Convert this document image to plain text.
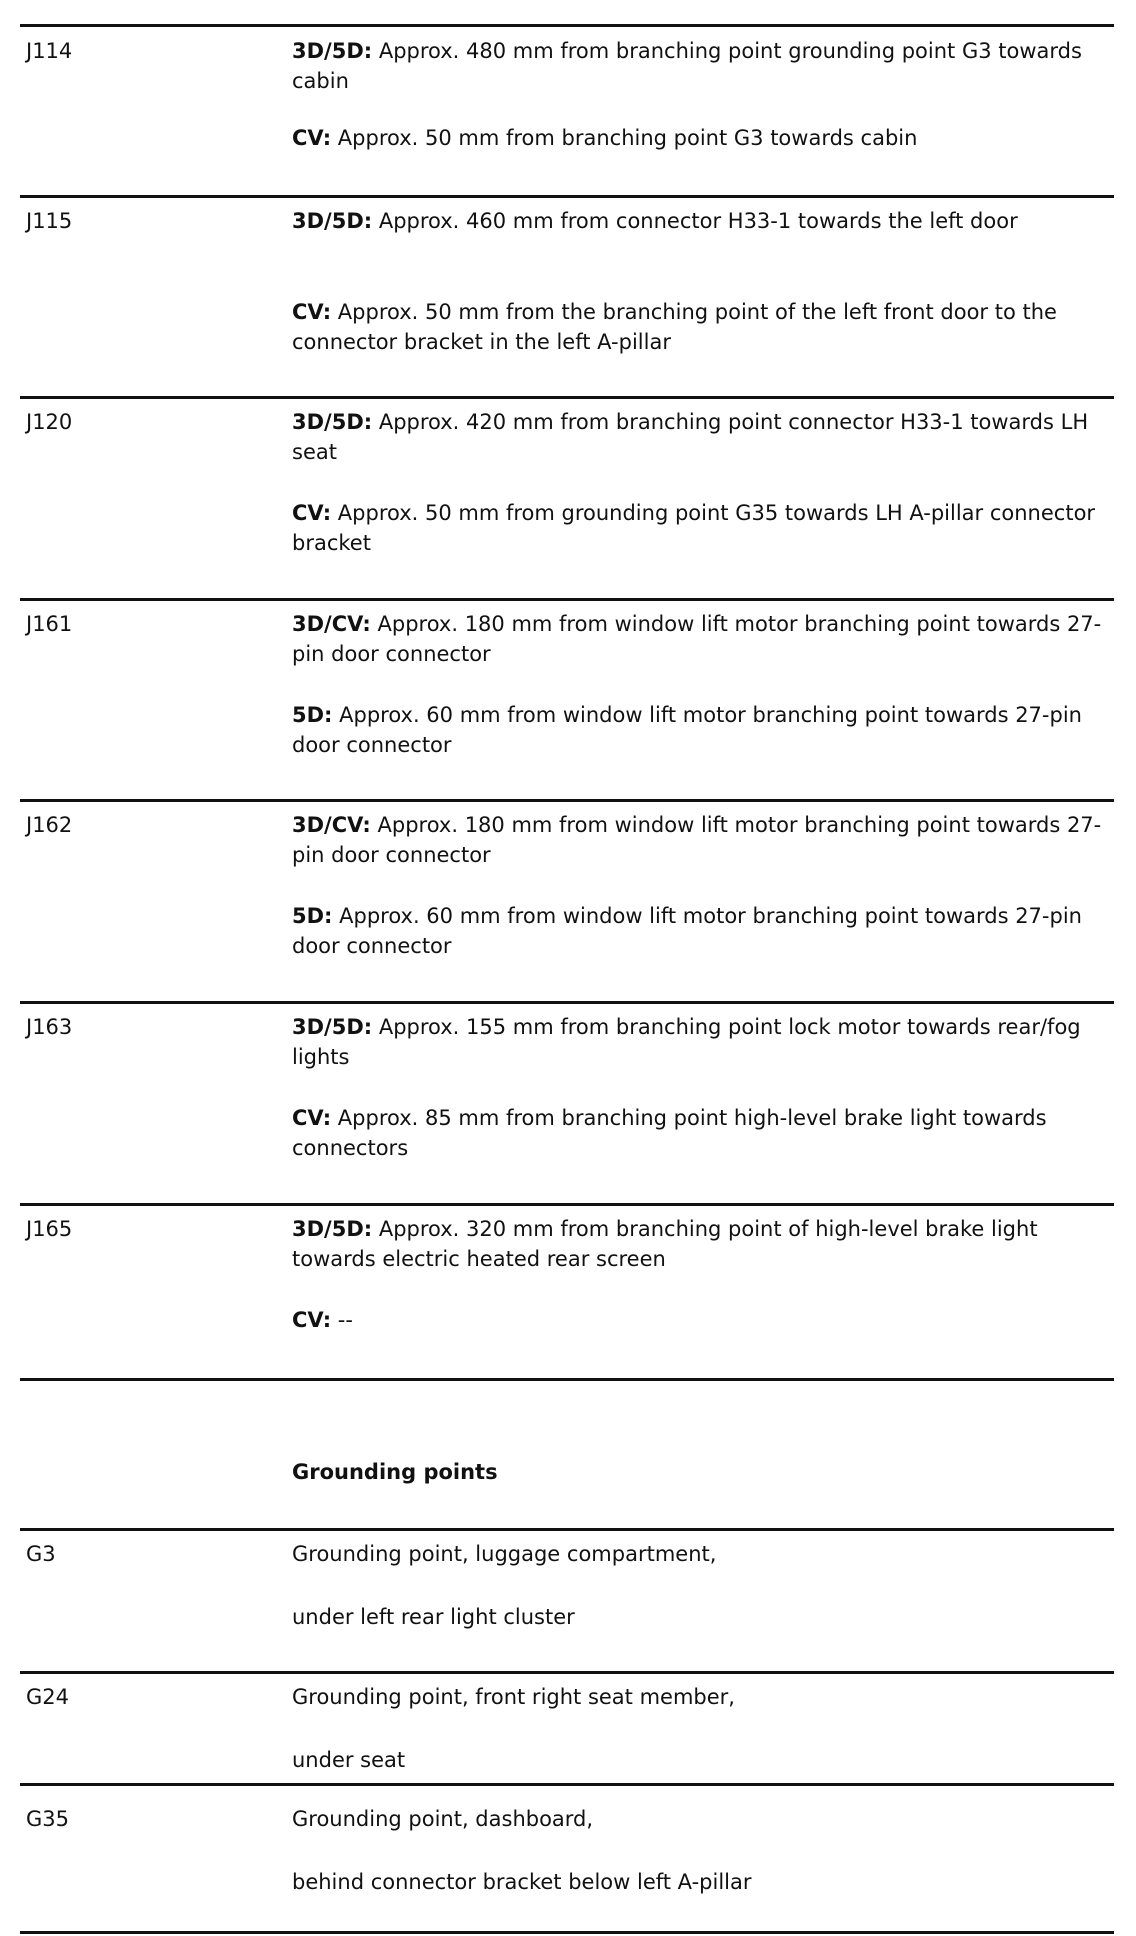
J114	3D/5D: Approx. 480 mm from branching point grounding point G3 towards cabin
CV: Approx. 50 mm from branching point G3 towards cabin
J115	3D/5D: Approx. 460 mm from connector H33-1 towards the left door
CV: Approx. 50 mm from the branching point of the left front door to the connector bracket in the left A-pillar
J120	3D/5D: Approx. 420 mm from branching point connector H33-1 towards LH seat
CV: Approx. 50 mm from grounding point G35 towards LH A-pillar connector bracket
J161	3D/CV: Approx. 180 mm from window lift motor branching point towards 27-pin door connector
5D: Approx. 60 mm from window lift motor branching point towards 27-pin door connector
J162	3D/CV: Approx. 180 mm from window lift motor branching point towards 27-pin door connector
5D: Approx. 60 mm from window lift motor branching point towards 27-pin door connector
J163	3D/5D: Approx. 155 mm from branching point lock motor towards rear/fog lights
CV: Approx. 85 mm from branching point high-level brake light towards connectors
J165	3D/5D: Approx. 320 mm from branching point of high-level brake light towards electric heated rear screen
CV: --
Grounding points
G3	Grounding point, luggage compartment,
under left rear light cluster
G24	Grounding point, front right seat member,
under seat
G35	Grounding point, dashboard,
behind connector bracket below left A-pillar
